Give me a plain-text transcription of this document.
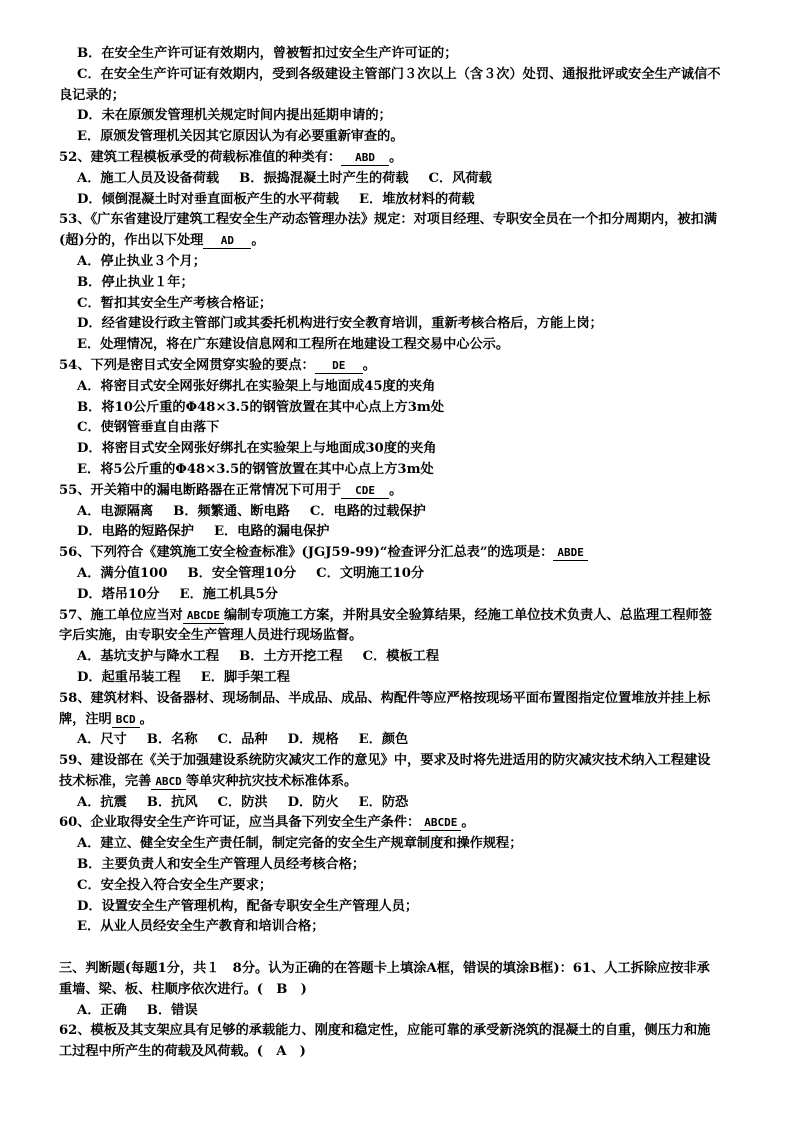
B．在安全生产许可证有效期内，曾被暂扣过安全生产许可证的；
C．在安全生产许可证有效期内，受到各级建设主管部门３次以上（含３次）处罚、通报批评或安全生产诚信不
良记录的；
D．未在原颁发管理机关规定时间内提出延期申请的；
E．原颁发管理机关因其它原因认为有必要重新审查的。
52、建筑工程模板承受的荷载标准值的种类有： ABD 。
A．施工人员及设备荷载 B．振捣混凝土时产生的荷载 C．风荷载
D．倾倒混凝土时对垂直面板产生的水平荷载 E．堆放材料的荷载
53、《广东省建设厅建筑工程安全生产动态管理办法》规定：对项目经理、专职安全员在一个扣分周期内，被扣满
(超)分的，作出以下处理 AD 。
A．停止执业３个月；
B．停止执业１年；
C．暂扣其安全生产考核合格证；
D．经省建设行政主管部门或其委托机构进行安全教育培训，重新考核合格后，方能上岗；
E．处理情况，将在广东建设信息网和工程所在地建设工程交易中心公示。
54、下列是密目式安全网贯穿实验的要点： DE 。
A．将密目式安全网张好绑扎在实验架上与地面成45度的夹角
B．将10公斤重的Φ48×3.5的钢管放置在其中心点上方3m处
C．使钢管垂直自由落下
D．将密目式安全网张好绑扎在实验架上与地面成30度的夹角
E．将5公斤重的Φ48×3.5的钢管放置在其中心点上方3m处
55、开关箱中的漏电断路器在正常情况下可用于 CDE 。
A．电源隔离 B．频繁通、断电路 C．电路的过载保护
D．电路的短路保护 E．电路的漏电保护
56、下列符合《建筑施工安全检查标准》(JGJ59-99)“检查评分汇总表”的选项是： ABDE
A．满分值100 B．安全管理10分 C．文明施工10分
D．塔吊10分 E．施工机具5分
57、施工单位应当对 ABCDE 编制专项施工方案，并附具安全验算结果，经施工单位技术负责人、总监理工程师签
字后实施，由专职安全生产管理人员进行现场监督。
A．基坑支护与降水工程 B．土方开挖工程 C．模板工程
D．起重吊装工程 E．脚手架工程
58、建筑材料、设备器材、现场制品、半成品、成品、构配件等应严格按现场平面布置图指定位置堆放并挂上标
牌，注明 BCD 。
A．尺寸 B．名称 C．品种 D．规格 E．颜色
59、建设部在《关于加强建设系统防灾减灾工作的意见》中，要求及时将先进适用的防灾减灾技术纳入工程建设
技术标准，完善 ABCD 等单灾种抗灾技术标准体系。
A．抗震 B．抗风 C．防洪 D．防火 E．防恐
60、企业取得安全生产许可证，应当具备下列安全生产条件： ABCDE 。
A．建立、健全安全生产责任制，制定完备的安全生产规章制度和操作规程；
B．主要负责人和安全生产管理人员经考核合格；
C．安全投入符合安全生产要求；
D．设置安全生产管理机构，配备专职安全生产管理人员；
E．从业人员经安全生产教育和培训合格；
三、判断题(每题1分，共１　8分。认为正确的在答题卡上填涂A框，错误的填涂B框)：61、人工拆除应按非承
重墙、梁、板、柱顺序依次进行。(　B　)
A．正确 B．错误
62、模板及其支架应具有足够的承载能力、刚度和稳定性，应能可靠的承受新浇筑的混凝土的自重，侧压力和施
工过程中所产生的荷载及风荷载。(　A　)
